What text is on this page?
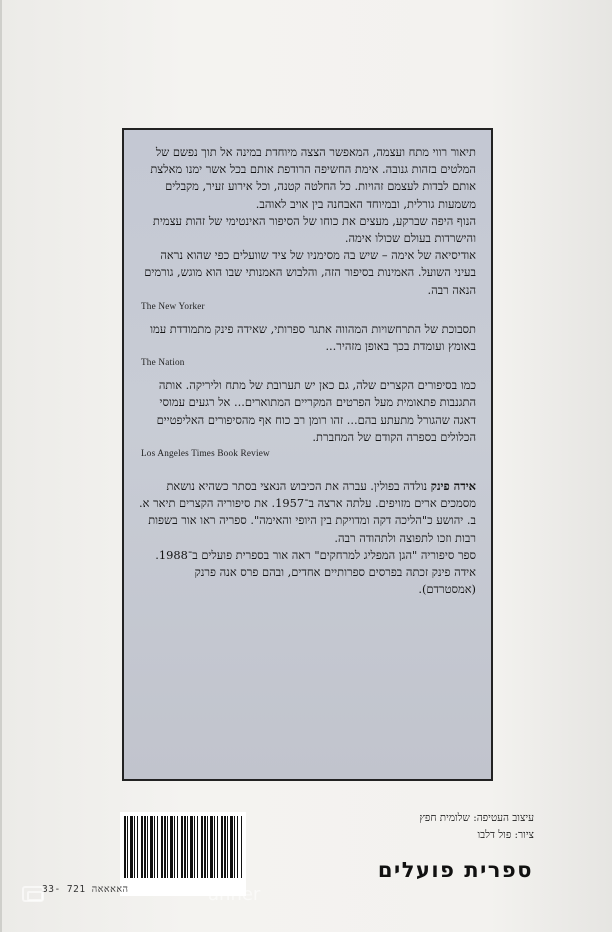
תיאור רווי מתח ועצמה, המאפשר הצצה מיוחדת במינה אל תוך נפשם של המלטים בזהות גנובה. אימת החשיפה הרודפת אותם בכל אשר ימנו מאלצת אותם לבדות לעצמם זהויות. כל החלטה קטנה, וכל אירוע זעיר, מקבלים משמעות גורלית, ובמיוחד האבחנה בין אויב לאוהב.

הנוף היפה שברקע, מעצים את כוחו של הסיפור האינטימי של זהות עצמית והישרדות בעולם שכולו אימה.

אודיסיאה של אימה – שיש בה מסימניו של ציד שוועלים כפי שהוא נראה בעיני השועל. האמינות בסיפור הזה, והלבוש האמנותי שבו הוא מוגש, גורמים הנאה רבה.

The New Yorker

תסבוכת של התרחשויות המהווה אתגר ספרותי, שאידה פינק מתמודדת עמו באומץ ועומדת בכך באופן מזהיר...

The Nation

כמו בסיפורים הקצרים שלה, גם כאן יש תערובת של מתח וליריקה. אותה התגנבות פתאומית מעל הפרטים המקריים המתוארים... אל רגעים עמוסי דאגה שהגורל מתעתע בהם... זהו רומן רב כוח אף מהסיפורים האליפטיים הכלולים בספרה הקודם של המחברת.

Los Angeles Times Book Review

אידה פינק נולדה בפולין. עברה את הכיבוש הנאצי בסתר כשהיא נושאת מסמכים ארים מזויפים. עלתה ארצה ב־1957. את סיפוריה הקצרים תיאר א. ב. יהושע כ"הליכה דקה ומדויקת בין היופי והאימה". ספריה ראו אור בשפות רבות וזכו לתפוצה ולתהודה רבה.

ספר סיפוריה "הגן המפליג למרחקים" ראה אור בספרית פועלים ב־1988.

אידה פינק זכתה בפרסים ספרותיים אחדים, ובהם פרס אנה פרנק (אמסטרדם).

עיצוב העטיפה: שלומית חפץ
ציור: פול דלבו
ספרית פועלים
33- 721 האאאאה	anner
